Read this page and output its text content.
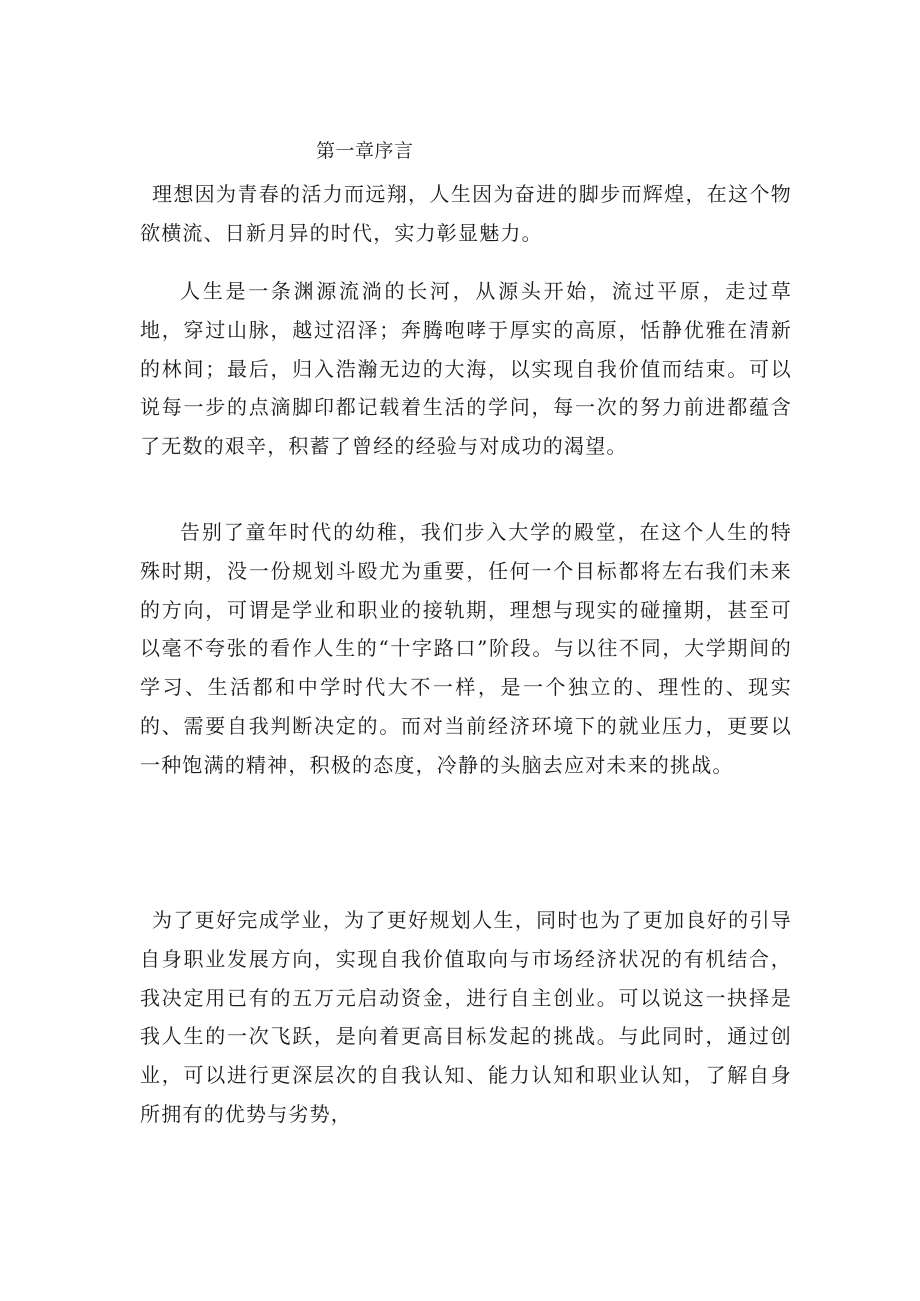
第一章序言

理想因为青春的活力而远翔，人生因为奋进的脚步而辉煌，在这个物欲横流、日新月异的时代，实力彰显魅力。

人生是一条渊源流淌的长河，从源头开始，流过平原，走过草地，穿过山脉，越过沼泽；奔腾咆哮于厚实的高原，恬静优雅在清新的林间；最后，归入浩瀚无边的大海，以实现自我价值而结束。可以说每一步的点滴脚印都记载着生活的学问，每一次的努力前进都蕴含了无数的艰辛，积蓄了曾经的经验与对成功的渴望。

告别了童年时代的幼稚，我们步入大学的殿堂，在这个人生的特殊时期，没一份规划斗殴尤为重要，任何一个目标都将左右我们未来的方向，可谓是学业和职业的接轨期，理想与现实的碰撞期，甚至可以毫不夸张的看作人生的“十字路口”阶段。与以往不同，大学期间的学习、生活都和中学时代大不一样，是一个独立的、理性的、现实的、需要自我判断决定的。而对当前经济环境下的就业压力，更要以一种饱满的精神，积极的态度，冷静的头脑去应对未来的挑战。

为了更好完成学业，为了更好规划人生，同时也为了更加良好的引导自身职业发展方向，实现自我价值取向与市场经济状况的有机结合，我决定用已有的五万元启动资金，进行自主创业。可以说这一抉择是我人生的一次飞跃，是向着更高目标发起的挑战。与此同时，通过创业，可以进行更深层次的自我认知、能力认知和职业认知，了解自身所拥有的优势与劣势，
